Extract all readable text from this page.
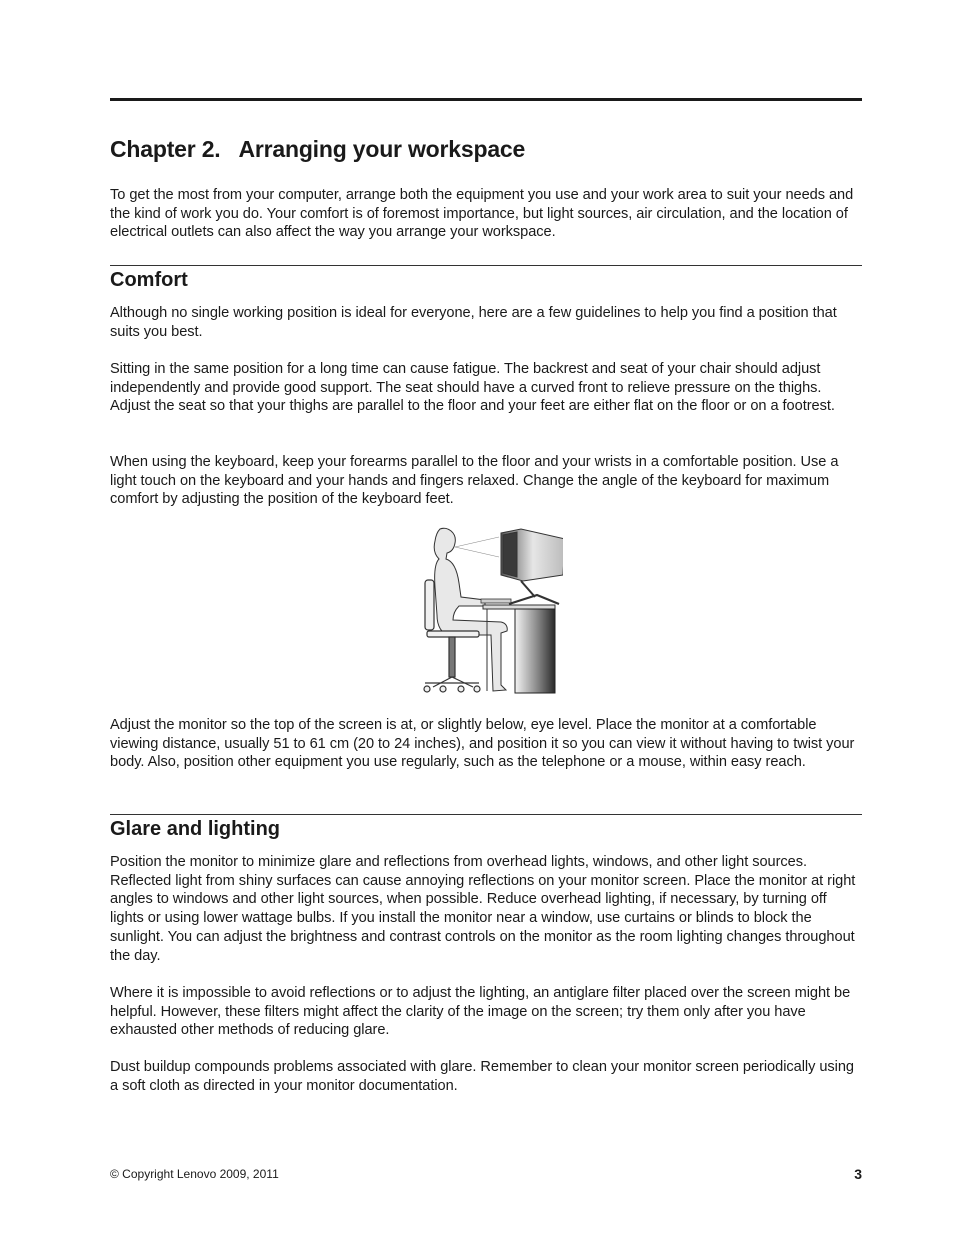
Chapter 2. Arranging your workspace

To get the most from your computer, arrange both the equipment you use and your work area to suit your needs and the kind of work you do. Your comfort is of foremost importance, but light sources, air circulation, and the location of electrical outlets can also affect the way you arrange your workspace.

Comfort

Although no single working position is ideal for everyone, here are a few guidelines to help you find a position that suits you best.

Sitting in the same position for a long time can cause fatigue. The backrest and seat of your chair should adjust independently and provide good support. The seat should have a curved front to relieve pressure on the thighs. Adjust the seat so that your thighs are parallel to the floor and your feet are either flat on the floor or on a footrest.

When using the keyboard, keep your forearms parallel to the floor and your wrists in a comfortable position. Use a light touch on the keyboard and your hands and fingers relaxed. Change the angle of the keyboard for maximum comfort by adjusting the position of the keyboard feet.

Adjust the monitor so the top of the screen is at, or slightly below, eye level. Place the monitor at a comfortable viewing distance, usually 51 to 61 cm (20 to 24 inches), and position it so you can view it without having to twist your body. Also, position other equipment you use regularly, such as the telephone or a mouse, within easy reach.

Glare and lighting

Position the monitor to minimize glare and reflections from overhead lights, windows, and other light sources. Reflected light from shiny surfaces can cause annoying reflections on your monitor screen. Place the monitor at right angles to windows and other light sources, when possible. Reduce overhead lighting, if necessary, by turning off lights or using lower wattage bulbs. If you install the monitor near a window, use curtains or blinds to block the sunlight. You can adjust the brightness and contrast controls on the monitor as the room lighting changes throughout the day.

Where it is impossible to avoid reflections or to adjust the lighting, an antiglare filter placed over the screen might be helpful. However, these filters might affect the clarity of the image on the screen; try them only after you have exhausted other methods of reducing glare.

Dust buildup compounds problems associated with glare. Remember to clean your monitor screen periodically using a soft cloth as directed in your monitor documentation.

© Copyright Lenovo 2009, 2011	3
